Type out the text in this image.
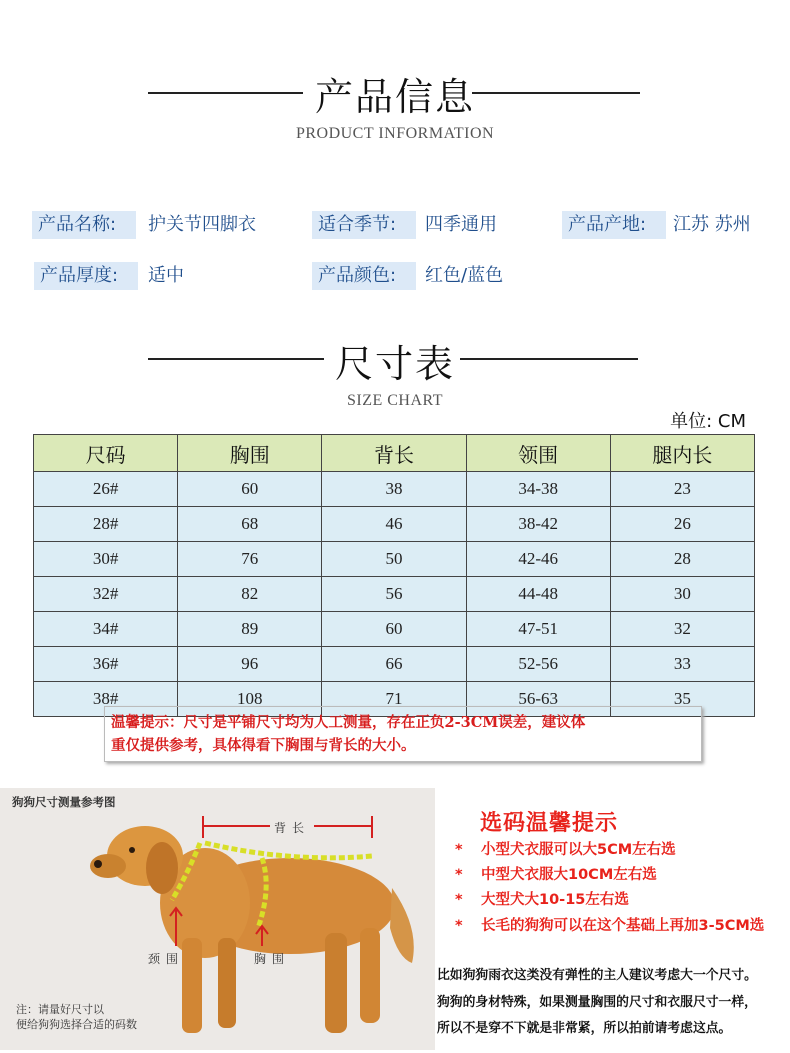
产品信息
PRODUCT INFORMATION
产品名称:	护关节四脚衣	适合季节:	四季通用	产品产地:	江苏 苏州
产品厚度:	适中	产品颜色:	红色/蓝色
尺寸表
SIZE CHART
单位: CM
尺码	胸围	背长	领围	腿内长
26#	60	38	34-38	23
28#	68	46	38-42	26
30#	76	50	42-46	28
32#	82	56	44-48	30
34#	89	60	47-51	32
36#	96	66	52-56	33
38#	108	71	56-63	35
温馨提示：尺寸是平铺尺寸均为人工测量，存在正负2-3CM误差，建议体
重仅提供参考，具体得看下胸围与背长的大小。
狗狗尺寸测量参考图
背长
颈围	胸围
注：请量好尺寸以
便给狗狗选择合适的码数
选码温馨提示
* 小型犬衣服可以大5CM左右选
* 中型犬衣服大10CM左右选
* 大型犬大10-15左右选
* 长毛的狗狗可以在这个基础上再加3-5CM选
比如狗狗雨衣这类没有弹性的主人建议考虑大一个尺寸。
狗狗的身材特殊，如果测量胸围的尺寸和衣服尺寸一样，
所以不是穿不下就是非常紧，所以拍前请考虑这点。
